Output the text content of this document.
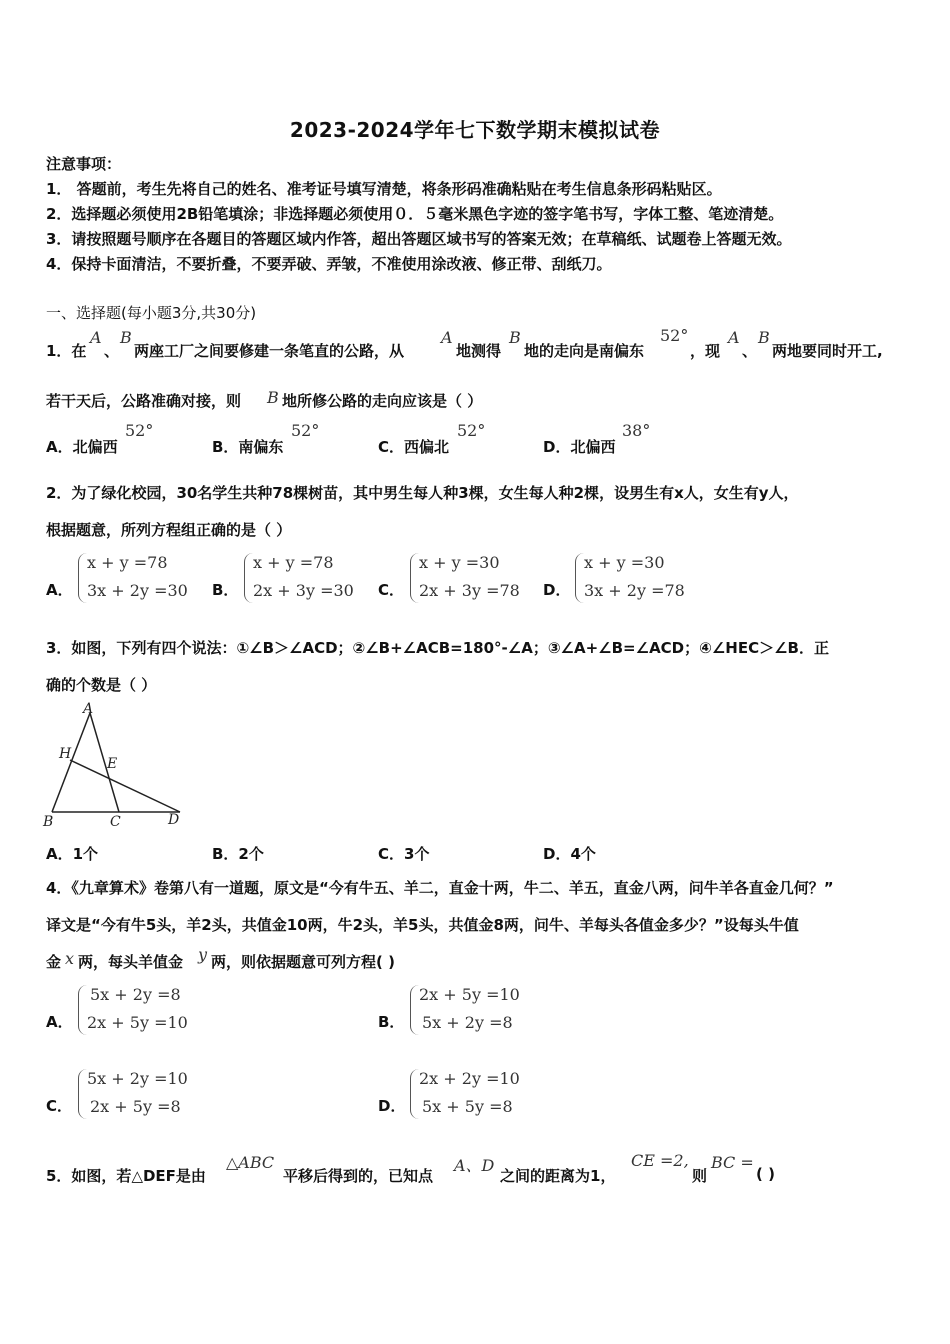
2023-2024学年七下数学期末模拟试卷
注意事项：
1． 答题前，考生先将自己的姓名、准考证号填写清楚，将条形码准确粘贴在考生信息条形码粘贴区。
2．选择题必须使用2B铅笔填涂；非选择题必须使用０．５毫米黑色字迹的签字笔书写，字体工整、笔迹清楚。
3．请按照题号顺序在各题目的答题区域内作答，超出答题区域书写的答案无效；在草稿纸、试题卷上答题无效。
4．保持卡面清洁，不要折叠，不要弄破、弄皱，不准使用涂改液、修正带、刮纸刀。
一、选择题(每小题3分,共30分)
1．在
A
、
B
两座工厂之间要修建一条笔直的公路，从
A
地测得
B
地的走向是南偏东
52°
，现
A
、
B
两地要同时开工,
若干天后，公路准确对接，则 B 地所修公路的走向应该是（ ）
A．北偏西
52°
B．南偏东
52°
C．西偏北
52°
D．北偏西
38°
2．为了绿化校园，30名学生共种78棵树苗，其中男生每人种3棵，女生每人种2棵，设男生有x人，女生有y人，
根据题意，所列方程组正确的是（ ）
A．
x + y =78
3x + 2y =30 B．
x + y =78
2x + 3y =30 C．
x + y =30
2x + 3y =78 D．
x + y =30
3x + 2y =78
3．如图，下列有四个说法：①∠B＞∠ACD；②∠B+∠ACB=180°-∠A；③∠A+∠B=∠ACD；④∠HEC＞∠B．正
确的个数是（ ）
A
H
E
B	C	D
A．1个	B．2个	C．3个	D．4个
4．《九章算术》卷第八有一道题，原文是“今有牛五、羊二，直金十两，牛二、羊五，直金八两，问牛羊各直金几何？”
译文是“今有牛5头，羊2头，共值金10两，牛2头，羊5头，共值金8两，问牛、羊每头各值金多少？”设每头牛值
金 x 两，每头羊值金 y 两，则依据题意可列方程( )
A．
5x + 2y =8
2x + 5y =10	B．
2x + 5y =10
5x + 2y =8
C．
5x + 2y =10
2x + 5y =8	D．
2x + 2y =10
5x + 5y =8
5．如图，若△DEF是由
△ABC
平移后得到的，已知点
A、D
之间的距离为1，
CE =2,
则
BC =
( )
